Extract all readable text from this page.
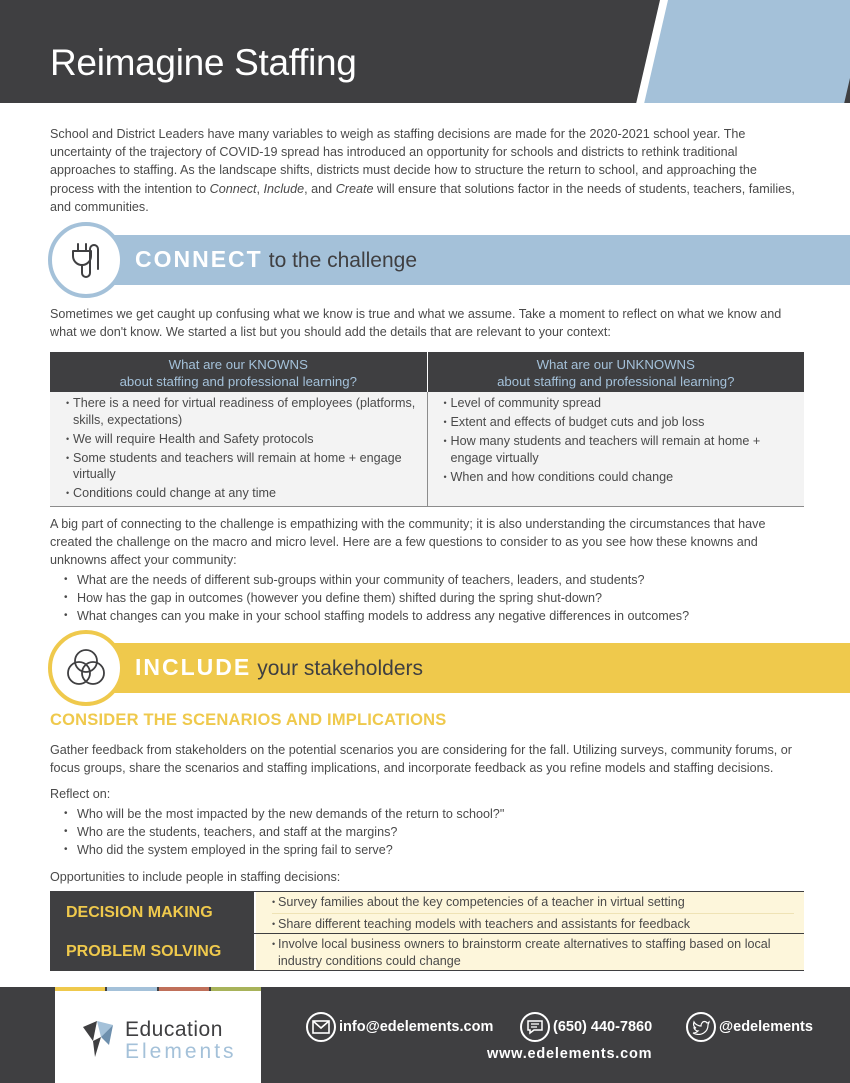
Reimagine Staffing

School and District Leaders have many variables to weigh as staffing decisions are made for the 2020-2021 school year. The uncertainty of the trajectory of COVID-19 spread has introduced an opportunity for schools and districts to rethink traditional approaches to staffing. As the landscape shifts, districts must decide how to structure the return to school, and approaching the process with the intention to Connect, Include, and Create will ensure that solutions factor in the needs of students, teachers, families, and communities.

CONNECT to the challenge

Sometimes we get caught up confusing what we know is true and what we assume. Take a moment to reflect on what we know and what we don't know. We started a list but you should add the details that are relevant to your context:

What are our KNOWNS
about staffing and professional learning?
What are our UNKNOWNS
about staffing and professional learning?
• There is a need for virtual readiness of employees (platforms, skills, expectations)
• We will require Health and Safety protocols
• Some students and teachers will remain at home + engage virtually
• Conditions could change at any time
• Level of community spread
• Extent and effects of budget cuts and job loss
• How many students and teachers will remain at home + engage virtually
• When and how conditions could change

A big part of connecting to the challenge is empathizing with the community; it is also understanding the circumstances that have created the challenge on the macro and micro level. Here are a few questions to consider to as you see how these knowns and unknowns affect your community:

• What are the needs of different sub-groups within your community of teachers, leaders, and students?
• How has the gap in outcomes (however you define them) shifted during the spring shut-down?
• What changes can you make in your school staffing models to address any negative differences in outcomes?
INCLUDE your stakeholders
CONSIDER THE SCENARIOS AND IMPLICATIONS

Gather feedback from stakeholders on the potential scenarios you are considering for the fall. Utilizing surveys, community forums, or focus groups, share the scenarios and staffing implications, and incorporate feedback as you refine models and staffing decisions.

Reflect on:

• Who will be the most impacted by the new demands of the return to school?"
• Who are the students, teachers, and staff at the margins?
• Who did the system employed in the spring fail to serve?

Opportunities to include people in staffing decisions:

DECISION MAKING
• Survey families about the key competencies of a teacher in virtual setting
• Share different teaching models with teachers and assistants for feedback
PROBLEM SOLVING
•	Involve local business owners to brainstorm create alternatives to staffing based on local industry conditions could change
Education
Elements
info@edelements.com	(650) 440-7860	@edelements
www.edelements.com
